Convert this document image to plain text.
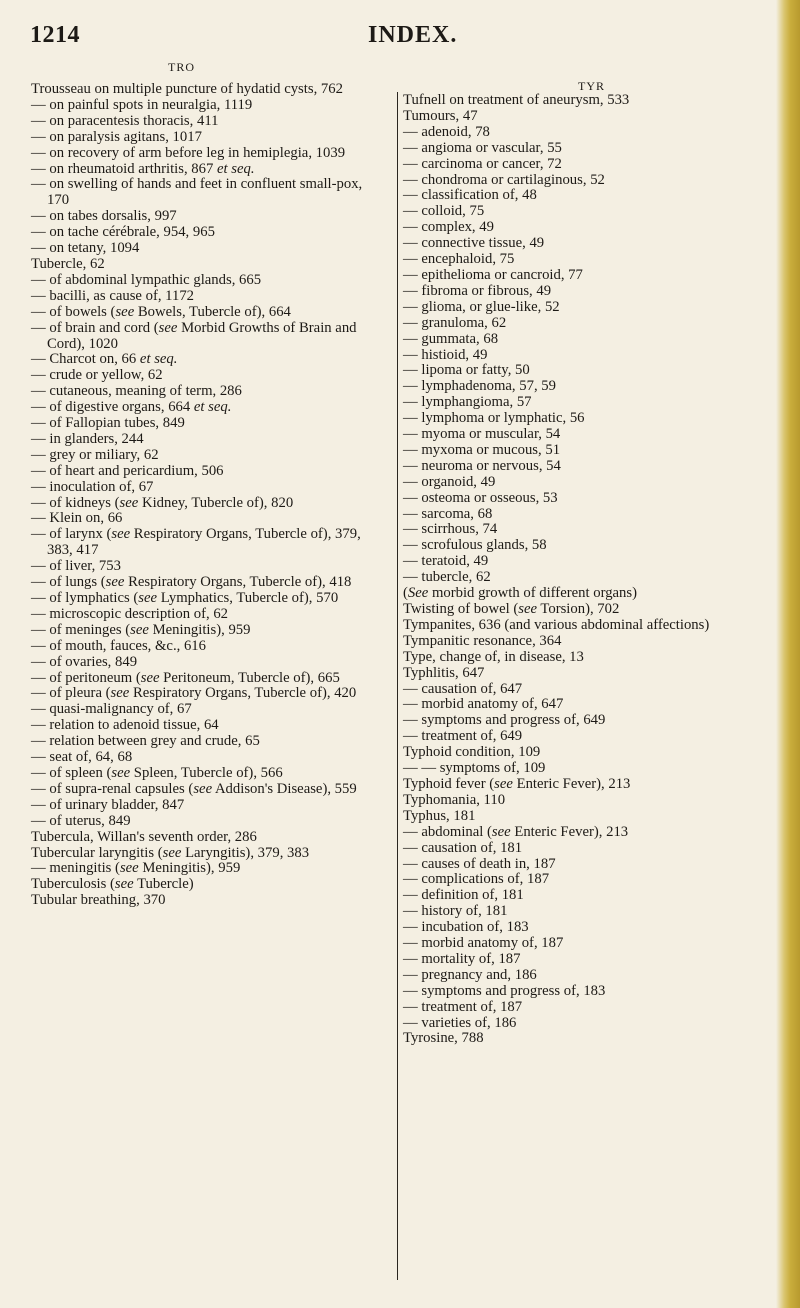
1214	INDEX.
TRO
TYR

Trousseau on multiple puncture of hydatid cysts, 762

— on painful spots in neuralgia, 1119

— on paracentesis thoracis, 411

— on paralysis agitans, 1017

— on recovery of arm before leg in hemiplegia, 1039

— on rheumatoid arthritis, 867 et seq.

— on swelling of hands and feet in confluent small-pox, 170

— on tabes dorsalis, 997

— on tache cérébrale, 954, 965

— on tetany, 1094

Tubercle, 62

— of abdominal lympathic glands, 665

— bacilli, as cause of, 1172

— of bowels (see Bowels, Tubercle of), 664

— of brain and cord (see Morbid Growths of Brain and Cord), 1020

— Charcot on, 66 et seq.

— crude or yellow, 62

— cutaneous, meaning of term, 286

— of digestive organs, 664 et seq.

— of Fallopian tubes, 849

— in glanders, 244

— grey or miliary, 62

— of heart and pericardium, 506

— inoculation of, 67

— of kidneys (see Kidney, Tubercle of), 820

— Klein on, 66

— of larynx (see Respiratory Organs, Tubercle of), 379, 383, 417

— of liver, 753

— of lungs (see Respiratory Organs, Tubercle of), 418

— of lymphatics (see Lymphatics, Tubercle of), 570

— microscopic description of, 62

— of meninges (see Meningitis), 959

— of mouth, fauces, &c., 616

— of ovaries, 849

— of peritoneum (see Peritoneum, Tubercle of), 665

— of pleura (see Respiratory Organs, Tubercle of), 420

— quasi-malignancy of, 67

— relation to adenoid tissue, 64

— relation between grey and crude, 65

— seat of, 64, 68

— of spleen (see Spleen, Tubercle of), 566

— of supra-renal capsules (see Addison's Disease), 559

— of urinary bladder, 847

— of uterus, 849

Tubercula, Willan's seventh order, 286

Tubercular laryngitis (see Laryngitis), 379, 383

— meningitis (see Meningitis), 959

Tuberculosis (see Tubercle)

Tubular breathing, 370

Tufnell on treatment of aneurysm, 533

Tumours, 47

— adenoid, 78

— angioma or vascular, 55

— carcinoma or cancer, 72

— chondroma or cartilaginous, 52

— classification of, 48

— colloid, 75

— complex, 49

— connective tissue, 49

— encephaloid, 75

— epithelioma or cancroid, 77

— fibroma or fibrous, 49

— glioma, or glue-like, 52

— granuloma, 62

— gummata, 68

— histioid, 49

— lipoma or fatty, 50

— lymphadenoma, 57, 59

— lymphangioma, 57

— lymphoma or lymphatic, 56

— myoma or muscular, 54

— myxoma or mucous, 51

— neuroma or nervous, 54

— organoid, 49

— osteoma or osseous, 53

— sarcoma, 68

— scirrhous, 74

— scrofulous glands, 58

— teratoid, 49

— tubercle, 62

(See morbid growth of different organs)

Twisting of bowel (see Torsion), 702

Tympanites, 636 (and various abdominal affections)

Tympanitic resonance, 364

Type, change of, in disease, 13

Typhlitis, 647

— causation of, 647

— morbid anatomy of, 647

— symptoms and progress of, 649

— treatment of, 649

Typhoid condition, 109

— — symptoms of, 109

Typhoid fever (see Enteric Fever), 213

Typhomania, 110

Typhus, 181

— abdominal (see Enteric Fever), 213

— causation of, 181

— causes of death in, 187

— complications of, 187

— definition of, 181

— history of, 181

— incubation of, 183

— morbid anatomy of, 187

— mortality of, 187

— pregnancy and, 186

— symptoms and progress of, 183

— treatment of, 187

— varieties of, 186

Tyrosine, 788
